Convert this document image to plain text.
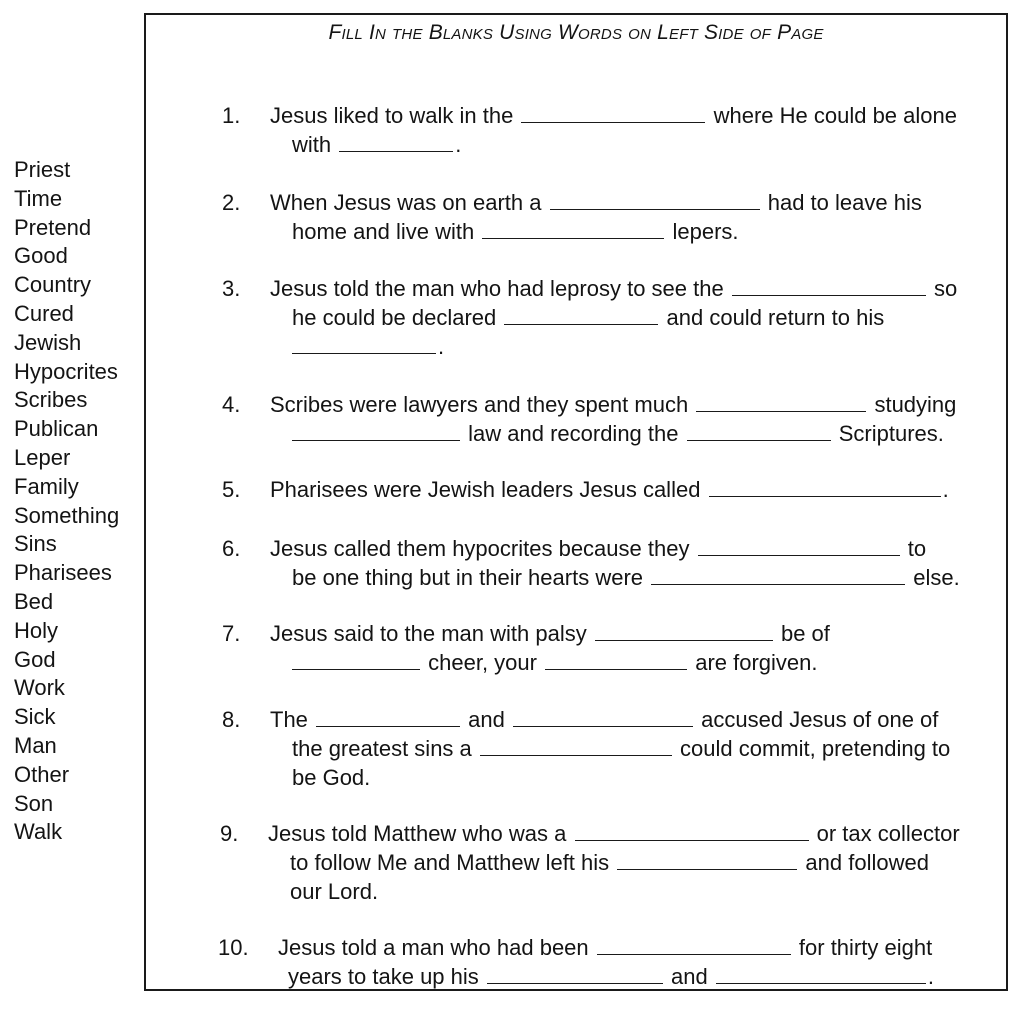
Priest
Time
Pretend
Good
Country
Cured
Jewish
Hypocrites
Scribes
Publican
Leper
Family
Something
Sins
Pharisees
Bed
Holy
God
Work
Sick
Man
Other
Son
Walk
Fill In the Blanks Using Words on Left Side of Page
1. Jesus liked to walk in the	where He could be alone
with	.
2. When Jesus was on earth a	had to leave his
home and live with	lepers.
3. Jesus told the man who had leprosy to see the	so
he could be declared	and could return to his
.
4. Scribes were lawyers and they spent much	studying
law and recording the	Scriptures.
5. Pharisees were Jewish leaders Jesus called	.
6. Jesus called them hypocrites because they	to
be one thing but in their hearts were	else.
7. Jesus said to the man with palsy	be of
cheer, your	are forgiven.
8. The	and	accused Jesus of one of
the greatest sins a	could commit, pretending to
be God.
9. Jesus told Matthew who was a	or tax collector
to follow Me and Matthew left his	and followed
our Lord.
10. Jesus told a man who had been	for thirty eight
years to take up his	and	.
